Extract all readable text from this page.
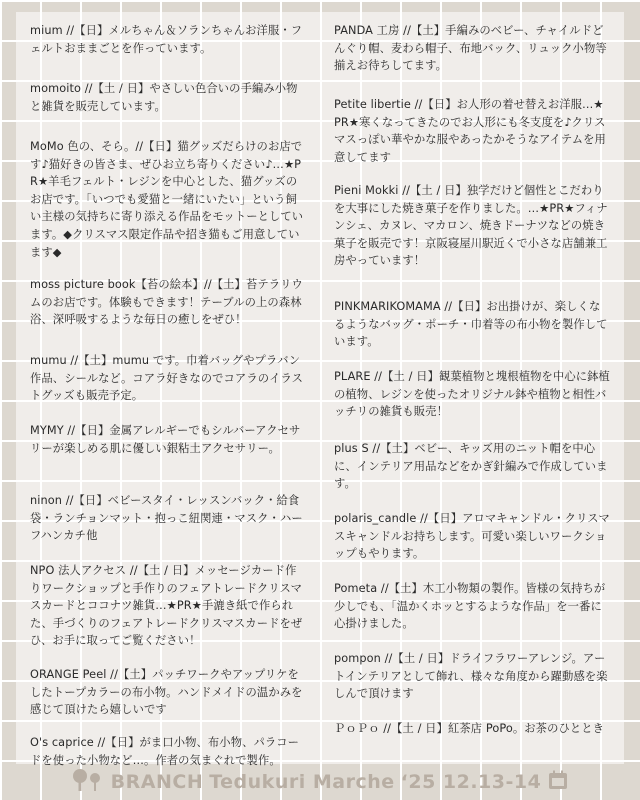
mium //【日】メルちゃん＆ソランちゃんお洋服・フェルトおままごとを作っています。
momoito //【土 / 日】やさしい色合いの手編み小物と雑貨を販売しています。
MoMo 色の、そら。//【日】猫グッズだらけのお店です♪猫好きの皆さま、ぜひお立ち寄りください♪…★PR★羊毛フェルト・レジンを中心とした、猫グッズのお店です。「いつでも愛猫と一緒にいたい」という飼い主様の気持ちに寄り添える作品をモットーとしています。◆クリスマス限定作品や招き猫もご用意しています◆
moss picture book【苔の絵本】//【土】苔テラリウムのお店です。体験もできます！テーブルの上の森林浴、深呼吸するような毎日の癒しをぜひ！
mumu //【土】mumu です。巾着バッグやプラバン作品、シールなど。コアラ好きなのでコアラのイラストグッズも販売予定。
MYMY //【日】金属アレルギーでもシルバーアクセサリーが楽しめる肌に優しい銀粘土アクセサリー。
ninon //【日】ベビースタイ・レッスンバック・給食袋・ランチョンマット・抱っこ紐関連・マスク・ハーフハンカチ他
NPO 法人アクセス //【土 / 日】メッセージカード作りワークショップと手作りのフェアトレードクリスマスカードとココナツ雑貨…★PR★手漉き紙で作られた、手づくりのフェアトレードクリスマスカードをぜひ、お手に取ってご覧ください！
ORANGE Peel //【土】パッチワークやアップリケをしたトープカラーの布小物。ハンドメイドの温かみを感じて頂けたら嬉しいです
O's caprice //【日】がま口小物、布小物、パラコードを使った小物など…。作者の気まぐれで製作。
PANDA 工房 //【土】手編みのベビー、チャイルドどんぐり帽、麦わら帽子、布地バック、リュック小物等揃えお待ちしてます。
Petite libertie //【日】お人形の着せ替えお洋服…★PR★寒くなってきたのでお人形にも冬支度を♪クリスマスっぽい華やかな服やあったかそうなアイテムを用意してます
Pieni Mokki //【土 / 日】独学だけど個性とこだわりを大事にした焼き菓子を作りました。…★PR★フィナンシェ、カヌレ、マカロン、焼きドーナツなどの焼き菓子を販売です！京阪寝屋川駅近くで小さな店舗兼工房やっています！
PINKMARIKOMAMA //【日】お出掛けが、楽しくなるようなバッグ・ポーチ・巾着等の布小物を製作しています。
PLARE //【土 / 日】観葉植物と塊根植物を中心に鉢植の植物、レジンを使ったオリジナル鉢や植物と相性バッチリの雑貨も販売！
plus S //【土】ベビー、キッズ用のニット帽を中心に、インテリア用品などをかぎ針編みで作成しています。
polaris_candle //【日】アロマキャンドル・クリスマスキャンドルお持ちします。可愛い楽しいワークショップもやります。
Pometa //【土】木工小物類の製作。皆様の気持ちが少しでも、「温かくホッとするような作品」を一番に心掛けました。
pompon //【土 / 日】ドライフラワーアレンジ。アートインテリアとして飾れ、様々な角度から躍動感を楽しんで頂けます
ＰｏＰｏ //【土 / 日】紅茶店 PoPo。お茶のひととき
BRANCH Tedukuri Marche ‘25 12.13-14
